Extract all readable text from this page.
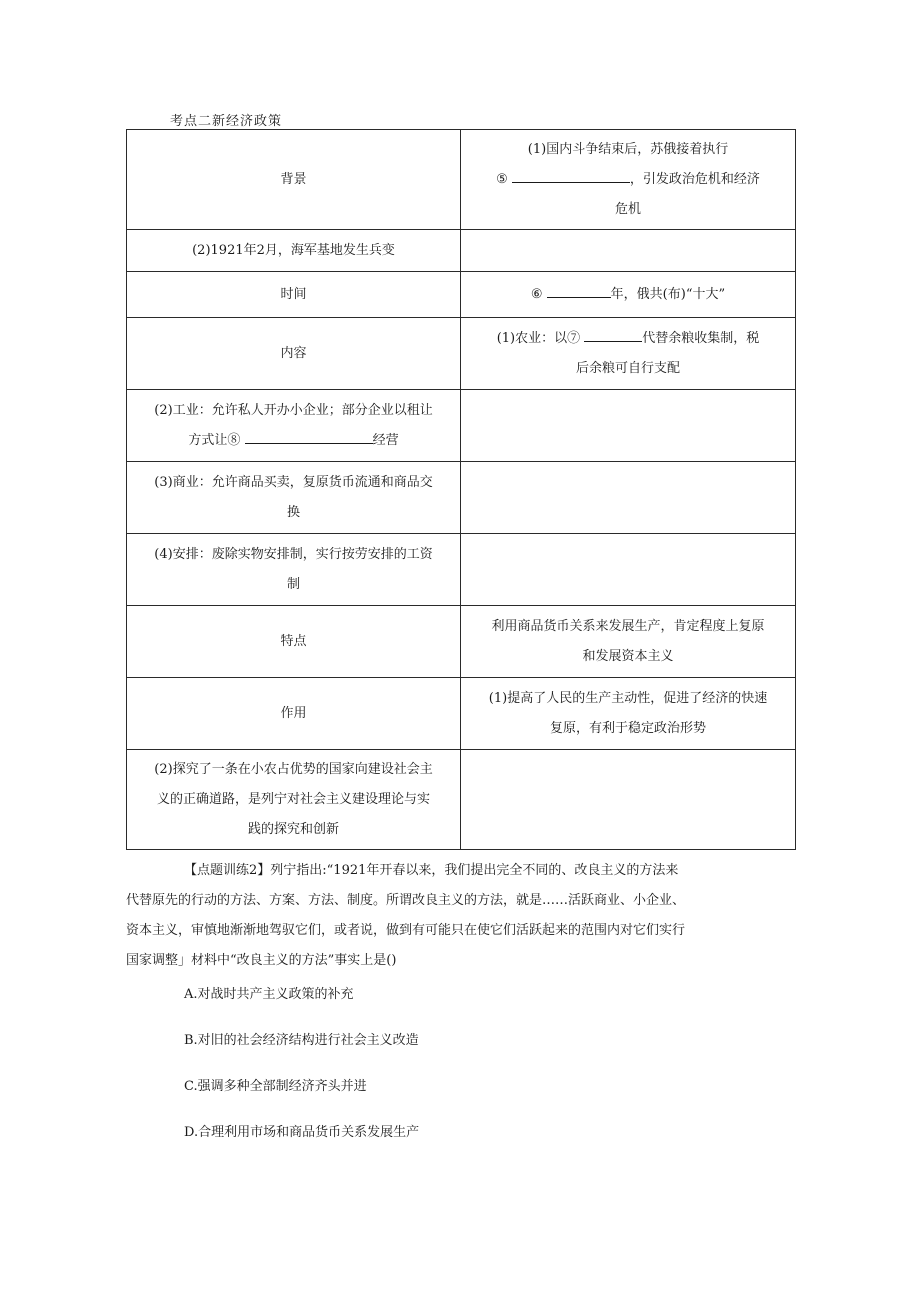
考点二新经济政策
背景	(1)国内斗争结束后，苏俄接着执行
⑤ ，引发政治危机和经济
危机

(2)1921年2月，海军基地发生兵变	
时间	⑥ 年，俄共(布)“十大”
内容	(1)农业：以⑦ 代替余粮收集制，税
后余粮可自行支配

(2)工业：允许私人开办小企业；部分企业以租让
方式让⑧ 经营	

(3)商业：允许商品买卖，复原货币流通和商品交
换	

(4)安排：废除实物安排制，实行按劳安排的工资
制	

特点	利用商品货币关系来发展生产，肯定程度上复原
和发展资本主义

作用	(1)提高了人民的生产主动性，促进了经济的快速
复原，有利于稳定政治形势

(2)探究了一条在小农占优势的国家向建设社会主
义的正确道路，是列宁对社会主义建设理论与实
践的探究和创新	

【点题训练2】列宁指出:“1921年开春以来，我们提出完全不同的、改良主义的方法来

代替原先的行动的方法、方案、方法、制度。所谓改良主义的方法，就是……活跃商业、小企业、

资本主义，审慎地渐渐地驾驭它们，或者说，做到有可能只在使它们活跃起来的范围内对它们实行

国家调整」材料中“改良主义的方法”事实上是()

A.对战时共产主义政策的补充
B.对旧的社会经济结构进行社会主义改造
C.强调多种全部制经济齐头并进
D.合理利用市场和商品货币关系发展生产
